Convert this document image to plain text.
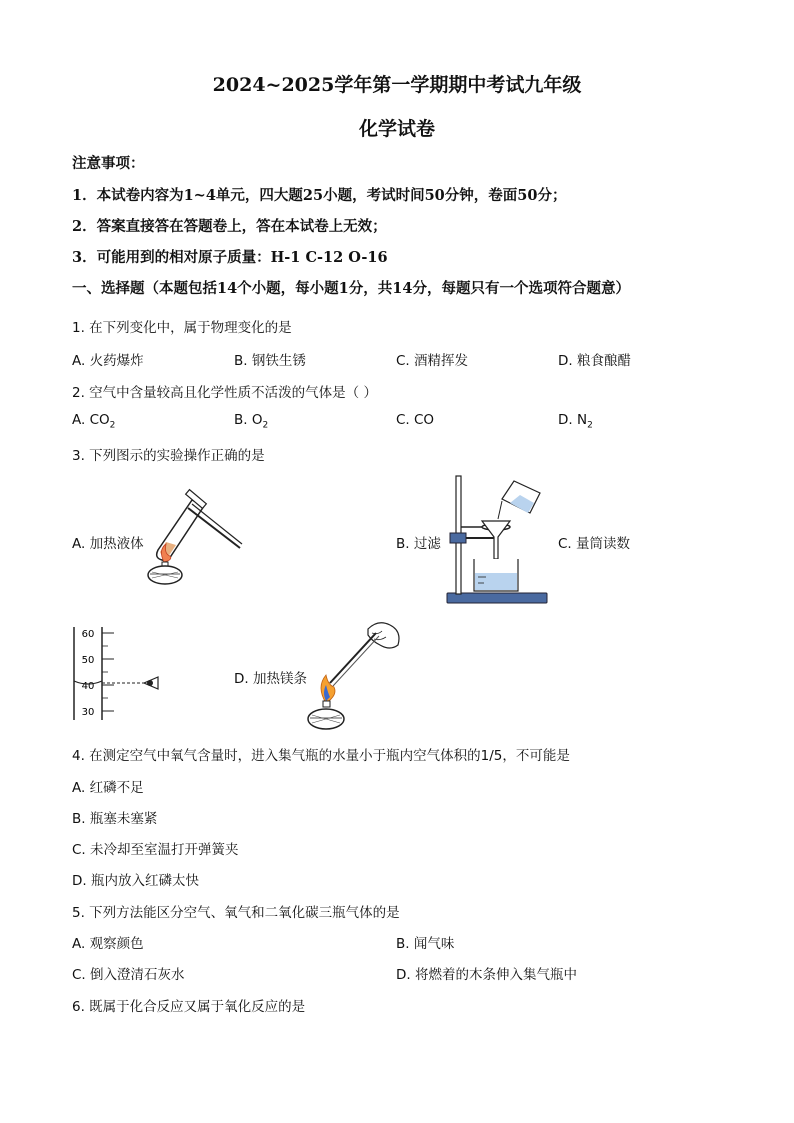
2024~2025学年第一学期期中考试九年级
化学试卷
注意事项：
1．本试卷内容为1~4单元，四大题25小题，考试时间50分钟，卷面50分；
2．答案直接答在答题卷上，答在本试卷上无效；
3．可能用到的相对原子质量：H-1 C-12 O-16
一、选择题（本题包括14个小题，每小题1分，共14分，每题只有一个选项符合题意）
1. 在下列变化中，属于物理变化的是
A. 火药爆炸	B. 钢铁生锈	C. 酒精挥发	D. 粮食酿醋
2. 空气中含量较高且化学性质不活泼的气体是（ ）
A. $CO_2$	B. $O_2$	C. CO	D. $N_2$
3. 下列图示的实验操作正确的是
A. 加热液体	B. 过滤	C. 量筒读数
D. 加热镁条
60
50
40
30
4. 在测定空气中氧气含量时，进入集气瓶的水量小于瓶内空气体积的1/5，不可能是
A. 红磷不足
B. 瓶塞未塞紧
C. 未冷却至室温打开弹簧夹
D. 瓶内放入红磷太快
5. 下列方法能区分空气、氧气和二氧化碳三瓶气体的是
A. 观察颜色	B. 闻气味
C. 倒入澄清石灰水	D. 将燃着的木条伸入集气瓶中
6. 既属于化合反应又属于氧化反应的是
